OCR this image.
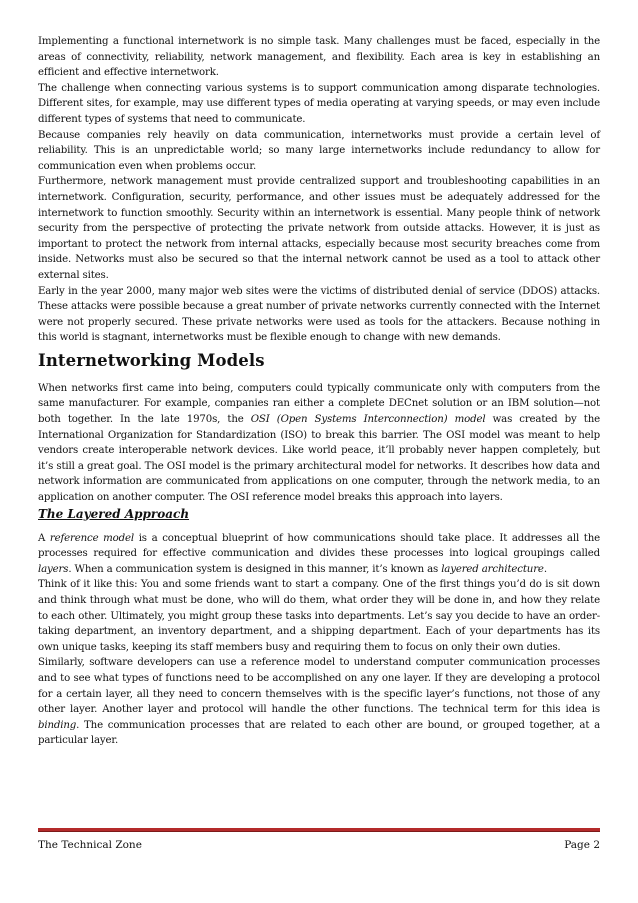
Implementing a functional internetwork is no simple task. Many challenges must be faced, especially in the areas of connectivity, reliability, network management, and flexibility. Each area is key in establishing an efficient and effective internetwork.

The challenge when connecting various systems is to support communication among disparate technologies. Different sites, for example, may use different types of media operating at varying speeds, or may even include different types of systems that need to communicate.

Because companies rely heavily on data communication, internetworks must provide a certain level of reliability. This is an unpredictable world; so many large internetworks include redundancy to allow for communication even when problems occur.

Furthermore, network management must provide centralized support and troubleshooting capabilities in an internetwork. Configuration, security, performance, and other issues must be adequately addressed for the internetwork to function smoothly. Security within an internetwork is essential. Many people think of network security from the perspective of protecting the private network from outside attacks. However, it is just as important to protect the network from internal attacks, especially because most security breaches come from inside. Networks must also be secured so that the internal network cannot be used as a tool to attack other external sites.

Early in the year 2000, many major web sites were the victims of distributed denial of service (DDOS) attacks. These attacks were possible because a great number of private networks currently connected with the Internet were not properly secured. These private networks were used as tools for the attackers. Because nothing in this world is stagnant, internetworks must be flexible enough to change with new demands.

Internetworking Models

When networks first came into being, computers could typically communicate only with computers from the same manufacturer. For example, companies ran either a complete DECnet solution or an IBM solution—not both together. In the late 1970s, the OSI (Open Systems Interconnection) model was created by the International Organization for Standardization (ISO) to break this barrier. The OSI model was meant to help vendors create interoperable network devices. Like world peace, it’ll probably never happen completely, but it’s still a great goal. The OSI model is the primary architectural model for networks. It describes how data and network information are communicated from applications on one computer, through the network media, to an application on another computer. The OSI reference model breaks this approach into layers.

The Layered Approach

A reference model is a conceptual blueprint of how communications should take place. It addresses all the processes required for effective communication and divides these processes into logical groupings called layers. When a communication system is designed in this manner, it’s known as layered architecture.

Think of it like this: You and some friends want to start a company. One of the first things you’d do is sit down and think through what must be done, who will do them, what order they will be done in, and how they relate to each other. Ultimately, you might group these tasks into departments. Let’s say you decide to have an order-taking department, an inventory department, and a shipping department. Each of your departments has its own unique tasks, keeping its staff members busy and requiring them to focus on only their own duties.

Similarly, software developers can use a reference model to understand computer communication processes and to see what types of functions need to be accomplished on any one layer. If they are developing a protocol for a certain layer, all they need to concern themselves with is the specific layer’s functions, not those of any other layer. Another layer and protocol will handle the other functions. The technical term for this idea is binding. The communication processes that are related to each other are bound, or grouped together, at a particular layer.

The Technical Zone	Page 2
